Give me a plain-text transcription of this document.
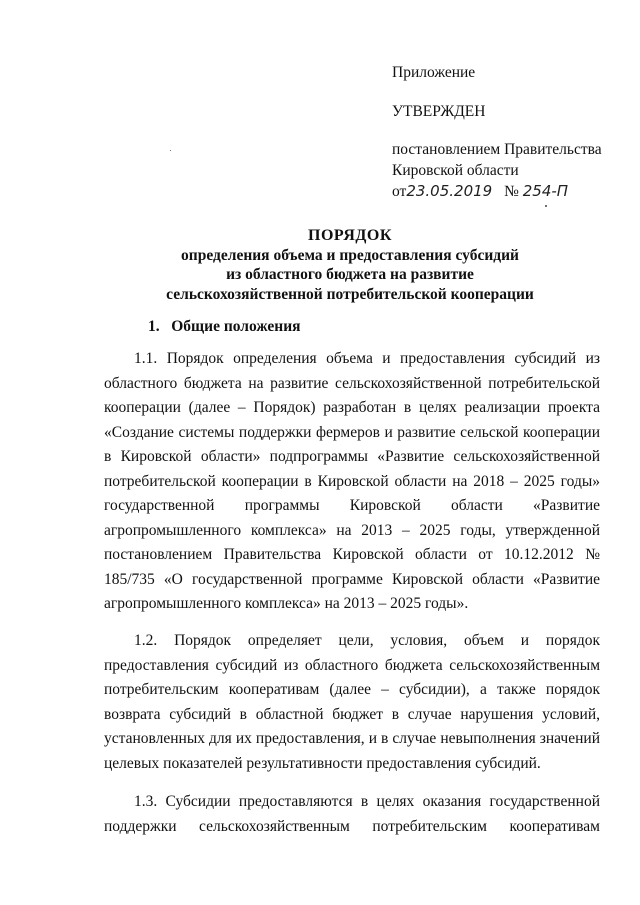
Приложение
УТВЕРЖДЕН
постановлением Правительства
Кировской области
от23.05.2019 № 254-П
ПОРЯДОК
определения объема и предоставления субсидий
из областного бюджета на развитие
сельскохозяйственной потребительской кооперации
1.   Общие положения

1.1. Порядок определения объема и предоставления субсидий из областного бюджета на развитие сельскохозяйственной потребительской кооперации (далее – Порядок) разработан в целях реализации проекта «Создание системы поддержки фермеров и развитие сельской кооперации в Кировской области» подпрограммы «Развитие сельскохозяйственной потребительской кооперации в Кировской области на 2018 – 2025 годы» государственной программы Кировской области «Развитие агропромышленного комплекса» на 2013 – 2025 годы, утвержденной постановлением Правительства Кировской области от 10.12.2012 № 185/735 «О государственной программе Кировской области «Развитие агропромышленного комплекса» на 2013 – 2025 годы».

1.2. Порядок определяет цели, условия, объем и порядок предоставления субсидий из областного бюджета сельскохозяйственным потребительским кооперативам (далее – субсидии), а также порядок возврата субсидий в областной бюджет в случае нарушения условий, установленных для их предоставления, и в случае невыполнения значений целевых показателей результативности предоставления субсидий.

1.3. Субсидии предоставляются в целях оказания государственной поддержки сельскохозяйственным потребительским кооперативам
